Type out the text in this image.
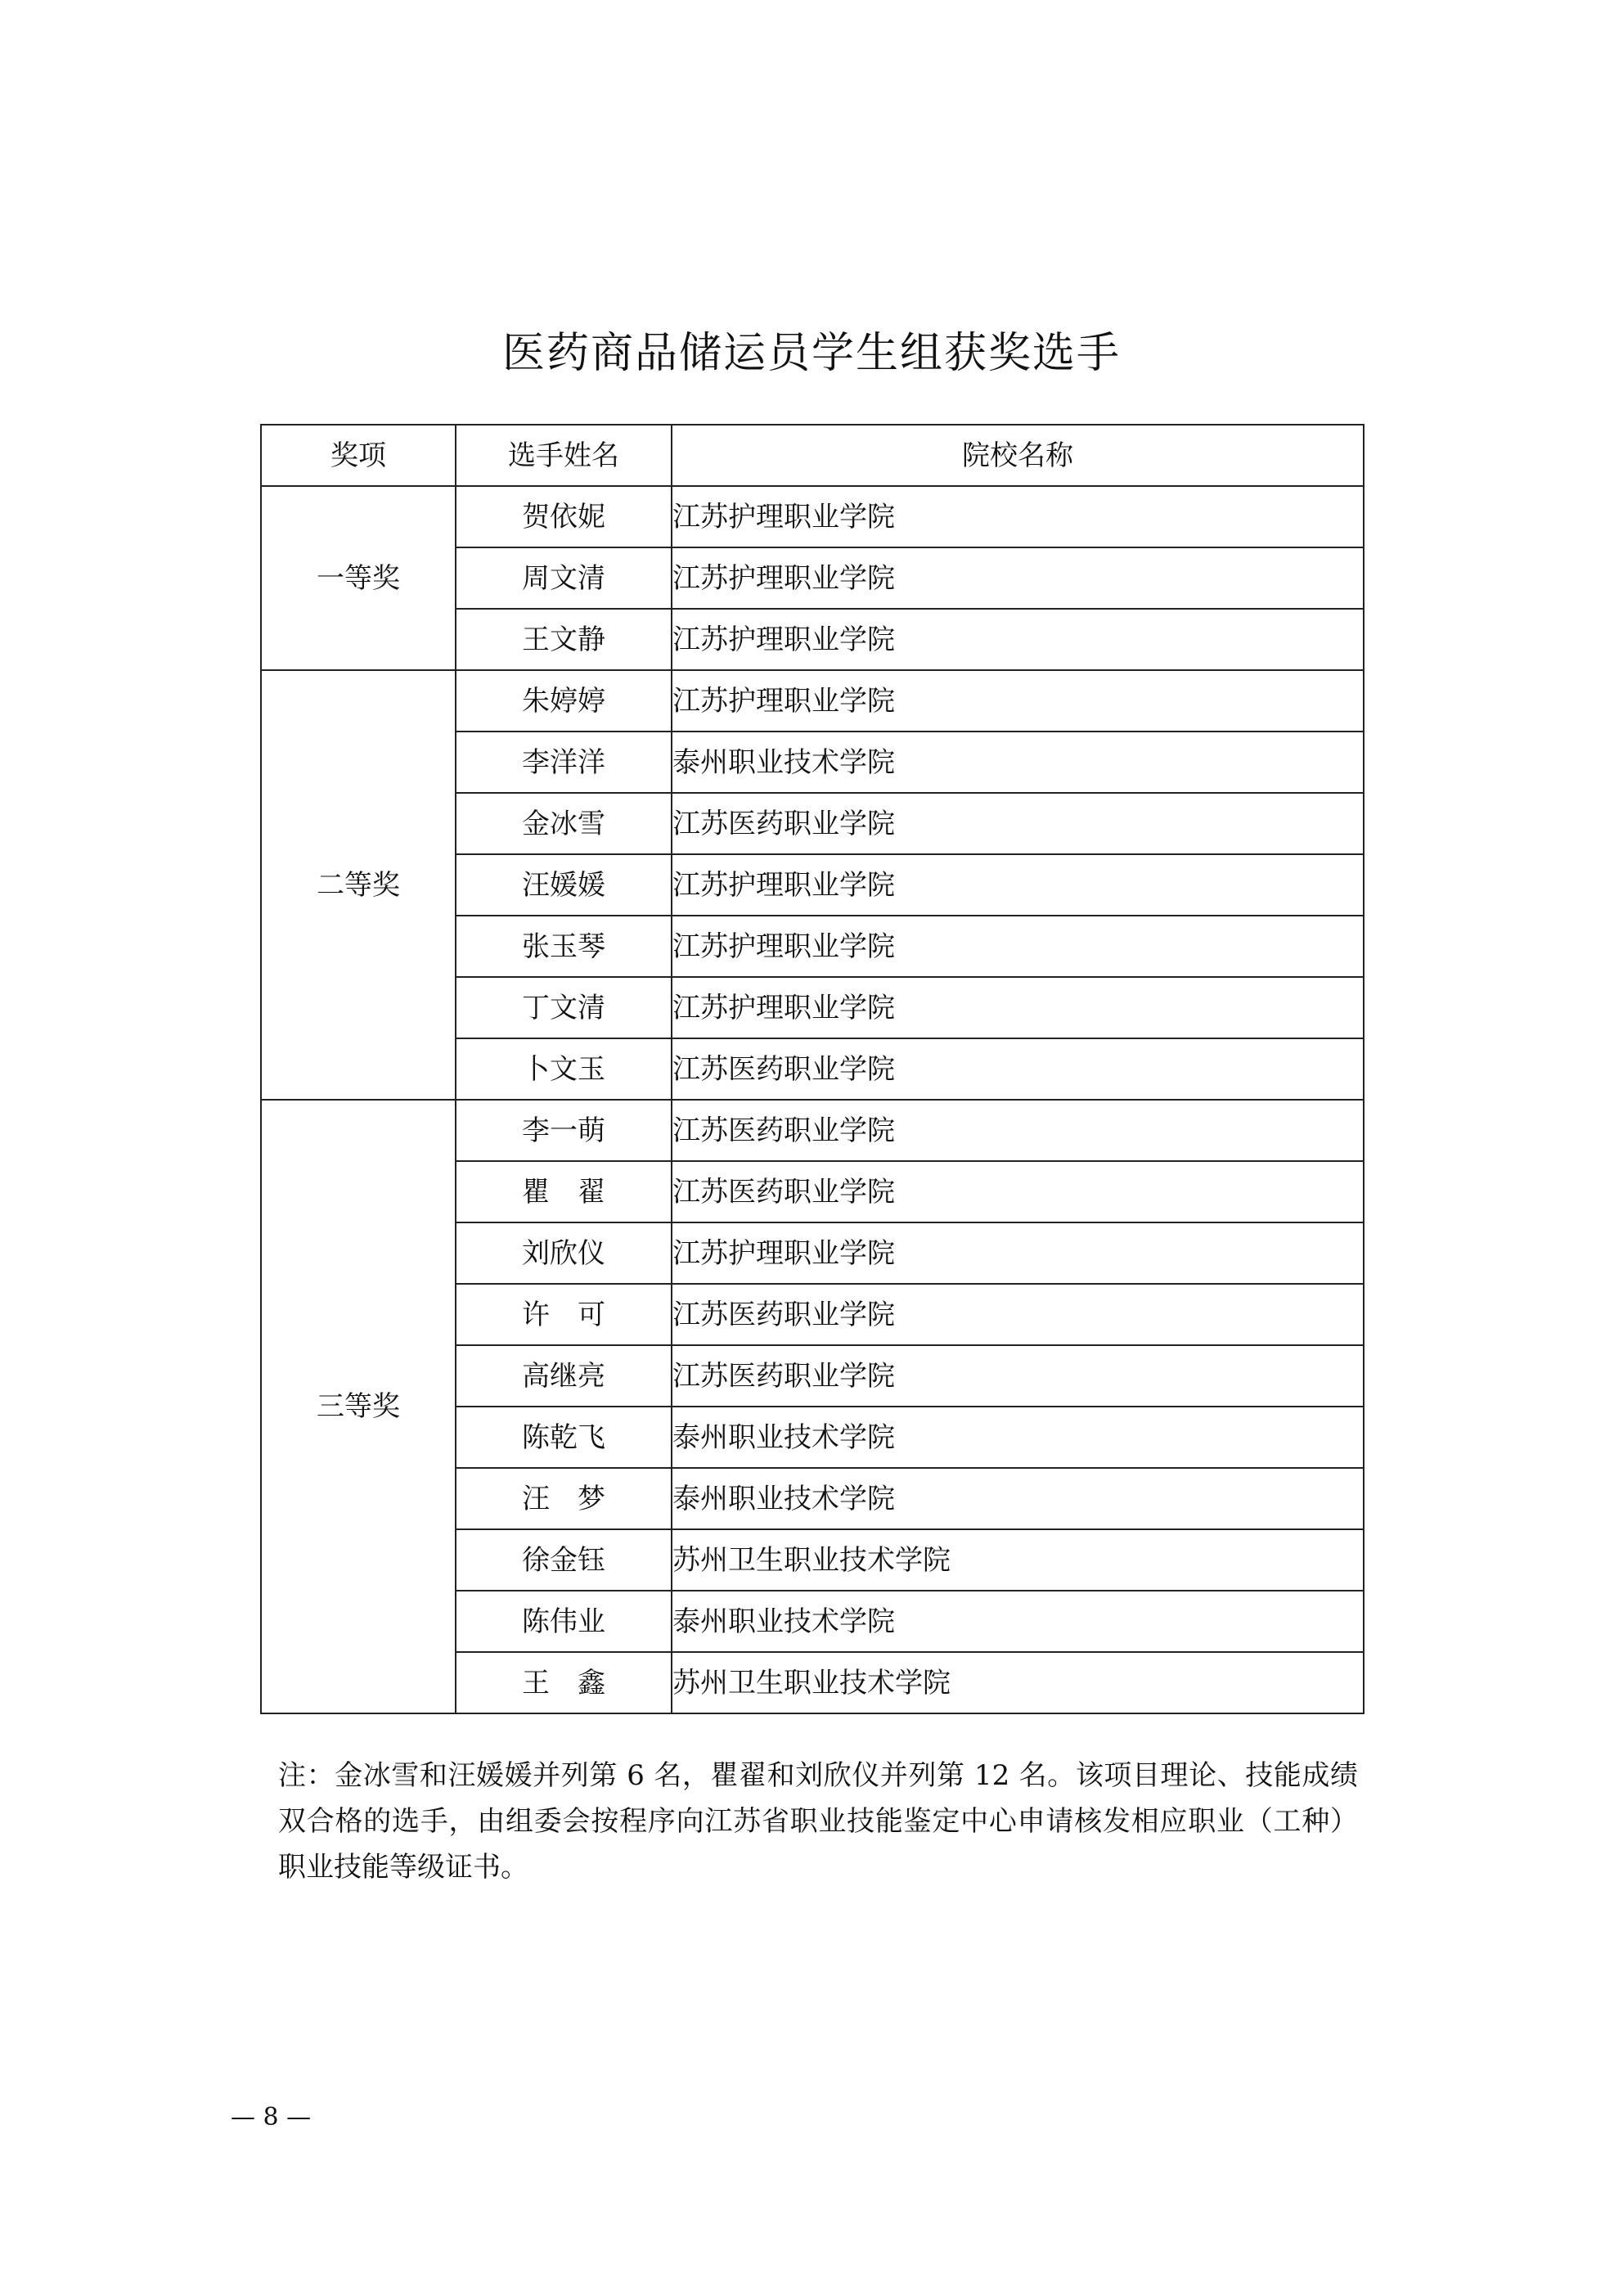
医药商品储运员学生组获奖选手
奖项	选手姓名	院校名称
一等奖	贺依妮	江苏护理职业学院
	周文清	江苏护理职业学院
	王文静	江苏护理职业学院
二等奖	朱婷婷	江苏护理职业学院
	李洋洋	泰州职业技术学院
	金冰雪	江苏医药职业学院
	汪媛媛	江苏护理职业学院
	张玉琴	江苏护理职业学院
	丁文清	江苏护理职业学院
	卜文玉	江苏医药职业学院
三等奖	李一萌	江苏医药职业学院
	瞿　翟	江苏医药职业学院
	刘欣仪	江苏护理职业学院
	许　可	江苏医药职业学院
	高继亮	江苏医药职业学院
	陈乾飞	泰州职业技术学院
	汪　梦	泰州职业技术学院
	徐金钰	苏州卫生职业技术学院
	陈伟业	泰州职业技术学院
	王　鑫	苏州卫生职业技术学院
注：金冰雪和汪媛媛并列第 6 名，瞿翟和刘欣仪并列第 12 名。该项目理论、技能成绩双合格的选手，由组委会按程序向江苏省职业技能鉴定中心申请核发相应职业（工种）职业技能等级证书。
— 8 —
